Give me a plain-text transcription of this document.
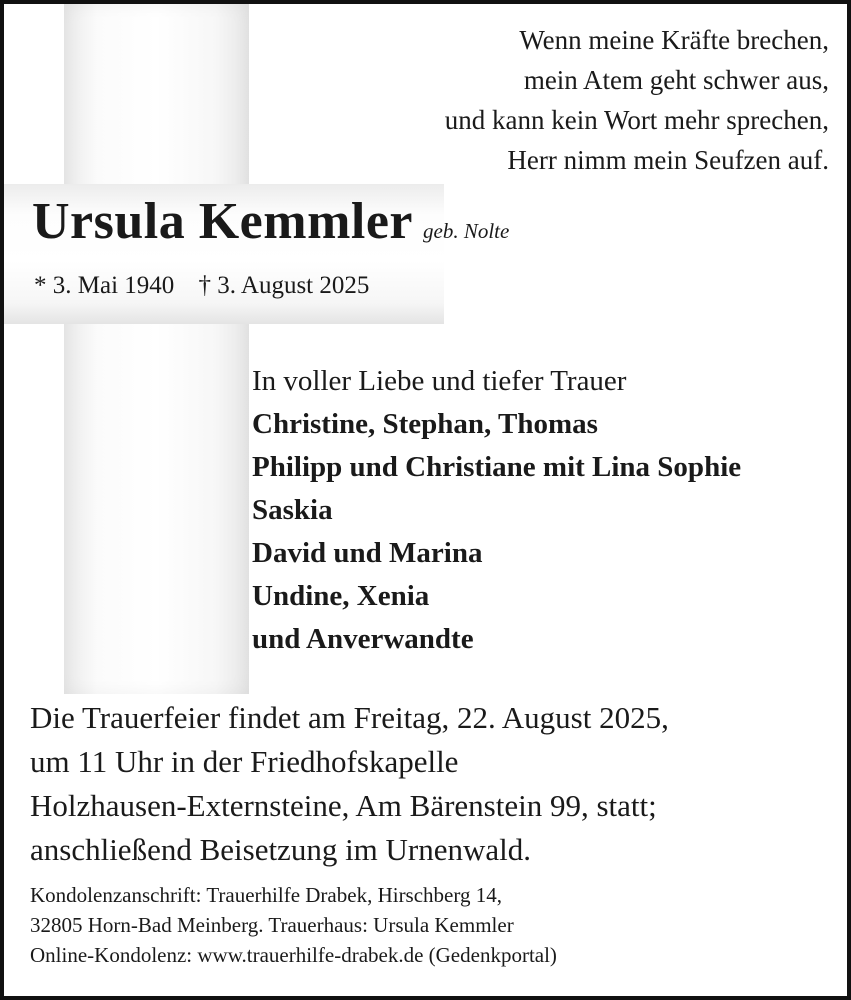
Wenn meine Kräfte brechen,
mein Atem geht schwer aus,
und kann kein Wort mehr sprechen,
Herr nimm mein Seufzen auf.
Ursula Kemmler geb. Nolte
* 3. Mai 1940 † 3. August 2025
In voller Liebe und tiefer Trauer
Christine, Stephan, Thomas
Philipp und Christiane mit Lina Sophie
Saskia
David und Marina
Undine, Xenia
und Anverwandte
Die Trauerfeier findet am Freitag, 22. August 2025,
um 11 Uhr in der Friedhofskapelle
Holzhausen-Externsteine, Am Bärenstein 99, statt;
anschließend Beisetzung im Urnenwald.
Kondolenzanschrift: Trauerhilfe Drabek, Hirschberg 14,
32805 Horn-Bad Meinberg. Trauerhaus: Ursula Kemmler
Online-Kondolenz: www.trauerhilfe-drabek.de (Gedenkportal)
